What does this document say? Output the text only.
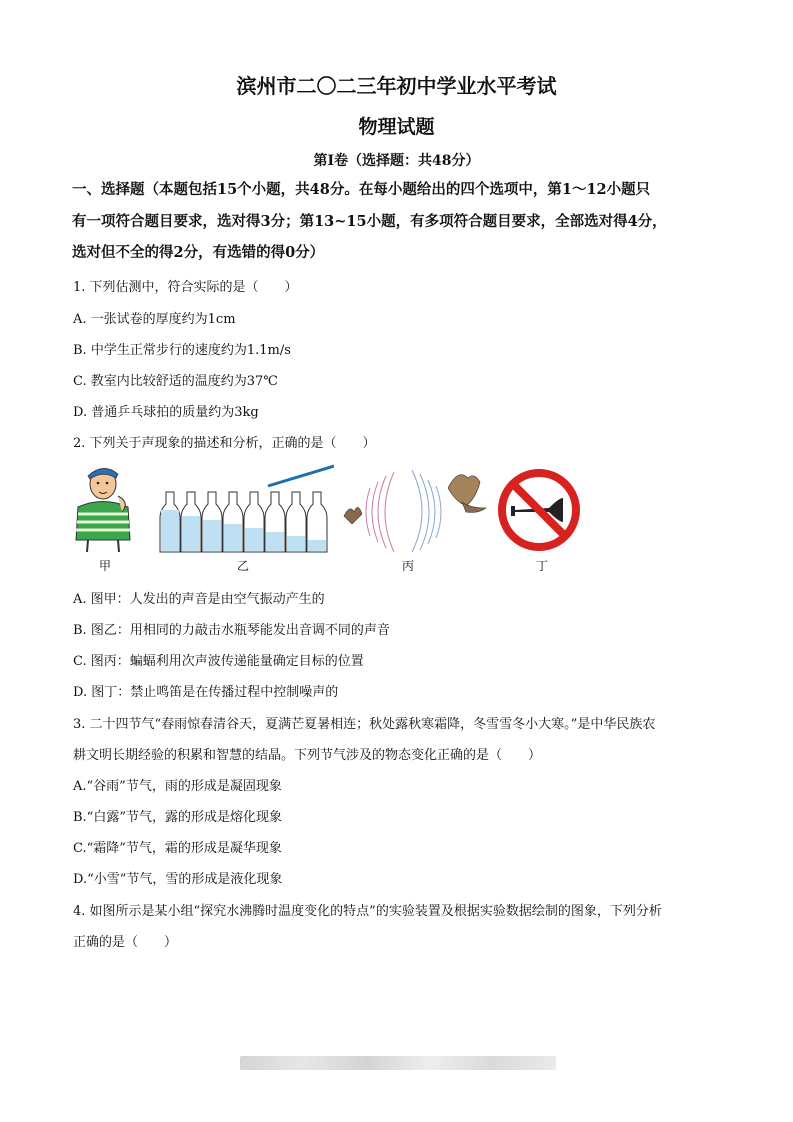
滨州市二〇二三年初中学业水平考试
物理试题
第Ⅰ卷（选择题：共48分）
一、选择题（本题包括15个小题，共48分。在每小题给出的四个选项中，第1～12小题只
有一项符合题目要求，选对得3分；第13~15小题，有多项符合题目要求，全部选对得4分，
选对但不全的得2分，有选错的得0分）
1. 下列估测中，符合实际的是（　　）
A. 一张试卷的厚度约为1cm
B. 中学生正常步行的速度约为1.1m/s
C. 教室内比较舒适的温度约为37℃
D. 普通乒乓球拍的质量约为3kg
2. 下列关于声现象的描述和分析，正确的是（　　）
甲	乙	丙	丁
A. 图甲：人发出的声音是由空气振动产生的
B. 图乙：用相同的力敲击水瓶琴能发出音调不同的声音
C. 图丙：蝙蝠利用次声波传递能量确定目标的位置
D. 图丁：禁止鸣笛是在传播过程中控制噪声的
3. 二十四节气“春雨惊春清谷天，夏满芒夏暑相连；秋处露秋寒霜降，冬雪雪冬小大寒。”是中华民族农
耕文明长期经验的积累和智慧的结晶。下列节气涉及的物态变化正确的是（　　）
A.“谷雨”节气，雨的形成是凝固现象
B.“白露”节气，露的形成是熔化现象
C.“霜降”节气，霜的形成是凝华现象
D.“小雪”节气，雪的形成是液化现象
4. 如图所示是某小组“探究水沸腾时温度变化的特点”的实验装置及根据实验数据绘制的图象，下列分析
正确的是（　　）
